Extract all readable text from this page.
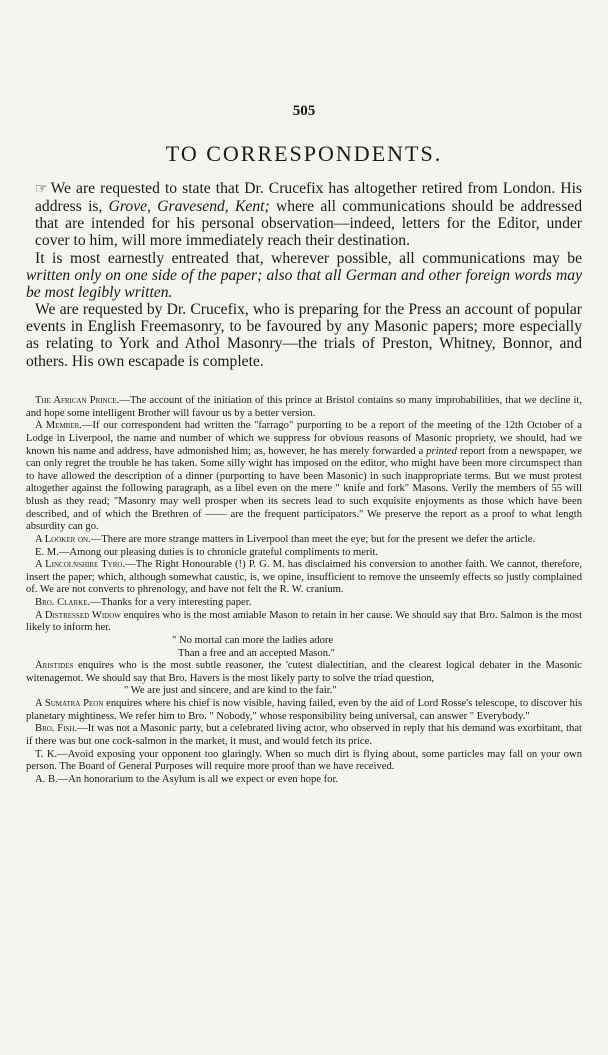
505
TO CORRESPONDENTS.

☞ We are requested to state that Dr. Crucefix has altogether retired from London. His address is, Grove, Gravesend, Kent; where all communications should be addressed that are intended for his personal observation—indeed, letters for the Editor, under cover to him, will more immediately reach their destination.

It is most earnestly entreated that, wherever possible, all communications may be written only on one side of the paper; also that all German and other foreign words may be most legibly written.

We are requested by Dr. Crucefix, who is preparing for the Press an account of popular events in English Freemasonry, to be favoured by any Masonic papers; more especially as relating to York and Athol Masonry—the trials of Preston, Whitney, Bonnor, and others. His own escapade is complete.

The African Prince.—The account of the initiation of this prince at Bristol contains so many improbabilities, that we decline it, and hope some intelligent Brother will favour us by a better version.

A Member.—If our correspondent had written the "farrago" purporting to be a report of the meeting of the 12th October of a Lodge in Liverpool, the name and number of which we suppress for obvious reasons of Masonic propriety, we should, had we known his name and address, have admonished him; as, however, he has merely forwarded a printed report from a newspaper, we can only regret the trouble he has taken. Some silly wight has imposed on the editor, who might have been more circumspect than to have allowed the description of a dinner (purporting to have been Masonic) in such inappropriate terms. But we must protest altogether against the following paragraph, as a libel even on the mere " knife and fork" Masons. Verily the members of 55 will blush as they read; "Masonry may well prosper when its secrets lead to such exquisite enjoyments as those which have been described, and of which the Brethren of —— are the frequent participators." We preserve the report as a proof to what length absurdity can go.

A Looker on.—There are more strange matters in Liverpool than meet the eye; but for the present we defer the article.

E. M.—Among our pleasing duties is to chronicle grateful compliments to merit.

A Lincolnshire Tyro.—The Right Honourable (!) P. G. M. has disclaimed his conversion to another faith. We cannot, therefore, insert the paper; which, although somewhat caustic, is, we opine, insufficient to remove the unseemly effects so justly complained of. We are not converts to phrenology, and have not felt the R. W. cranium.

Bro. Clarke.—Thanks for a very interesting paper.

A Distressed Widow enquires who is the most amiable Mason to retain in her cause. We should say that Bro. Salmon is the most likely to inform her.
" No mortal can more the ladies adore
Than a free and an accepted Mason."

Aristides enquires who is the most subtle reasoner, the 'cutest dialectitian, and the clearest logical debater in the Masonic witenagemot. We should say that Bro. Havers is the most likely party to solve the triad question,
" We are just and sincere, and are kind to the fair."

A Sumatra Peon enquires where his chief is now visible, having failed, even by the aid of Lord Rosse's telescope, to discover his planetary mightiness. We refer him to Bro. " Nobody," whose responsibility being universal, can answer " Everybody."

Bro. Fish.—It was not a Masonic party, but a celebrated living actor, who observed in reply that his demand was exorbitant, that if there was but one cock-salmon in the market, it must, and would fetch its price.

T. K.—Avoid exposing your opponent too glaringly. When so much dirt is flying about, some particles may fall on your own person. The Board of General Purposes will require more proof than we have received.

A. B.—An honorarium to the Asylum is all we expect or even hope for.
